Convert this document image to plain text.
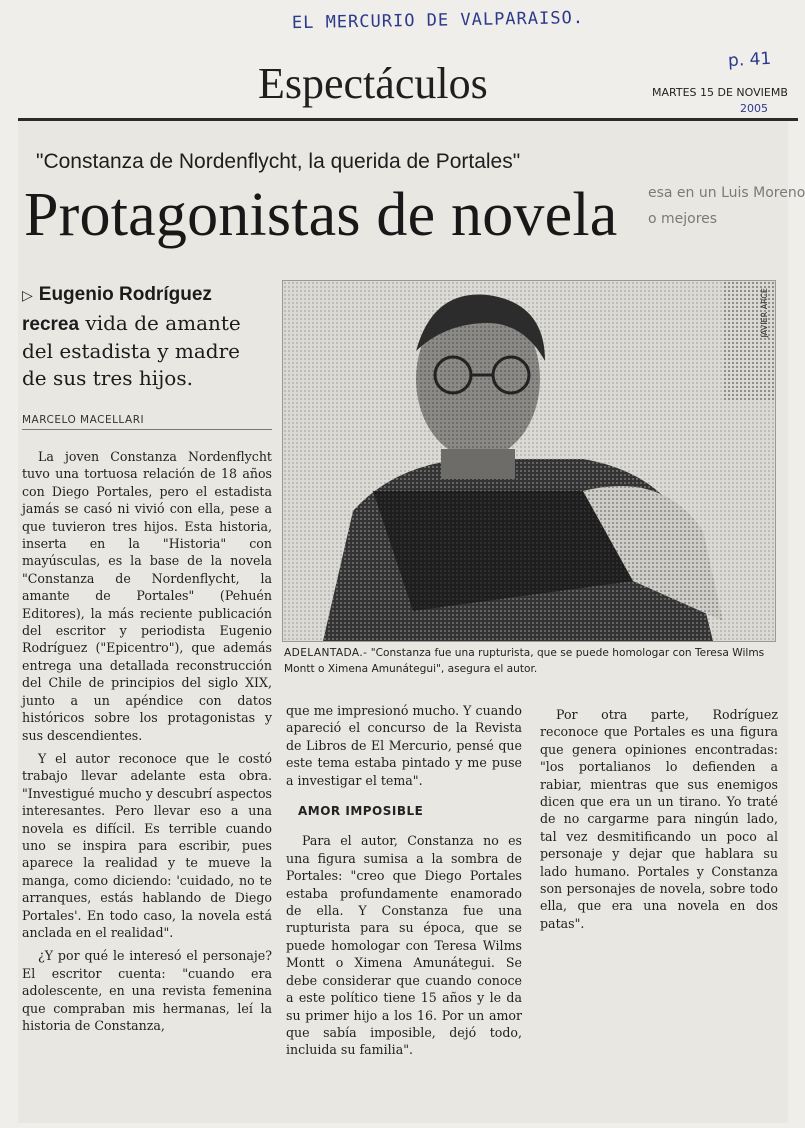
EL MERCURIO DE VALPARAISO.
p. 41
Espectáculos	MARTES 15 DE NOVIEMB
2005
esa en un Luis Moreno
o mejores
"Constanza de Nordenflycht, la querida de Portales"
Protagonistas de novela
▷ Eugenio Rodríguez recrea vida de amante del estadista y madre de sus tres hijos.
MARCELO MACELLARI

La joven Constanza Nordenflycht tuvo una tortuosa relación de 18 años con Diego Portales, pero el estadista jamás se casó ni vivió con ella, pese a que tuvieron tres hijos. Esta historia, inserta en la "Historia" con mayúsculas, es la base de la novela "Constanza de Nordenflycht, la amante de Portales" (Pehuén Editores), la más reciente publicación del escritor y periodista Eugenio Rodríguez ("Epicentro"), que además entrega una detallada reconstrucción del Chile de principios del siglo XIX, junto a un apéndice con datos históricos sobre los protagonistas y sus descendientes.

Y el autor reconoce que le costó trabajo llevar adelante esta obra. "Investigué mucho y descubrí aspectos interesantes. Pero llevar eso a una novela es difícil. Es terrible cuando uno se inspira para escribir, pues aparece la realidad y te mueve la manga, como diciendo: 'cuidado, no te arranques, estás hablando de Diego Portales'. En todo caso, la novela está anclada en el realidad".

¿Y por qué le interesó el personaje? El escritor cuenta: "cuando era adolescente, en una revista femenina que compraban mis hermanas, leí la historia de Constanza,

JAVIER ARCE
ADELANTADA.- "Constanza fue una rupturista, que se puede homologar con Teresa Wilms Montt o Ximena Amunátegui", asegura el autor.

que me impresionó mucho. Y cuando apareció el concurso de la Revista de Libros de El Mercurio, pensé que este tema estaba pintado y me puse a investigar el tema".

AMOR IMPOSIBLE

Para el autor, Constanza no es una figura sumisa a la sombra de Portales: "creo que Diego Portales estaba profundamente enamorado de ella. Y Constanza fue una rupturista para su época, que se puede homologar con Teresa Wilms Montt o Ximena Amunátegui. Se debe considerar que cuando conoce a este político tiene 15 años y le da su primer hijo a los 16. Por un amor que sabía imposible, dejó todo, incluida su familia".

Por otra parte, Rodríguez reconoce que Portales es una figura que genera opiniones encontradas: "los portalianos lo defienden a rabiar, mientras que sus enemigos dicen que era un un tirano. Yo traté de no cargarme para ningún lado, tal vez desmitificando un poco al personaje y dejar que hablara su lado humano. Portales y Constanza son personajes de novela, sobre todo ella, que era una novela en dos patas".
